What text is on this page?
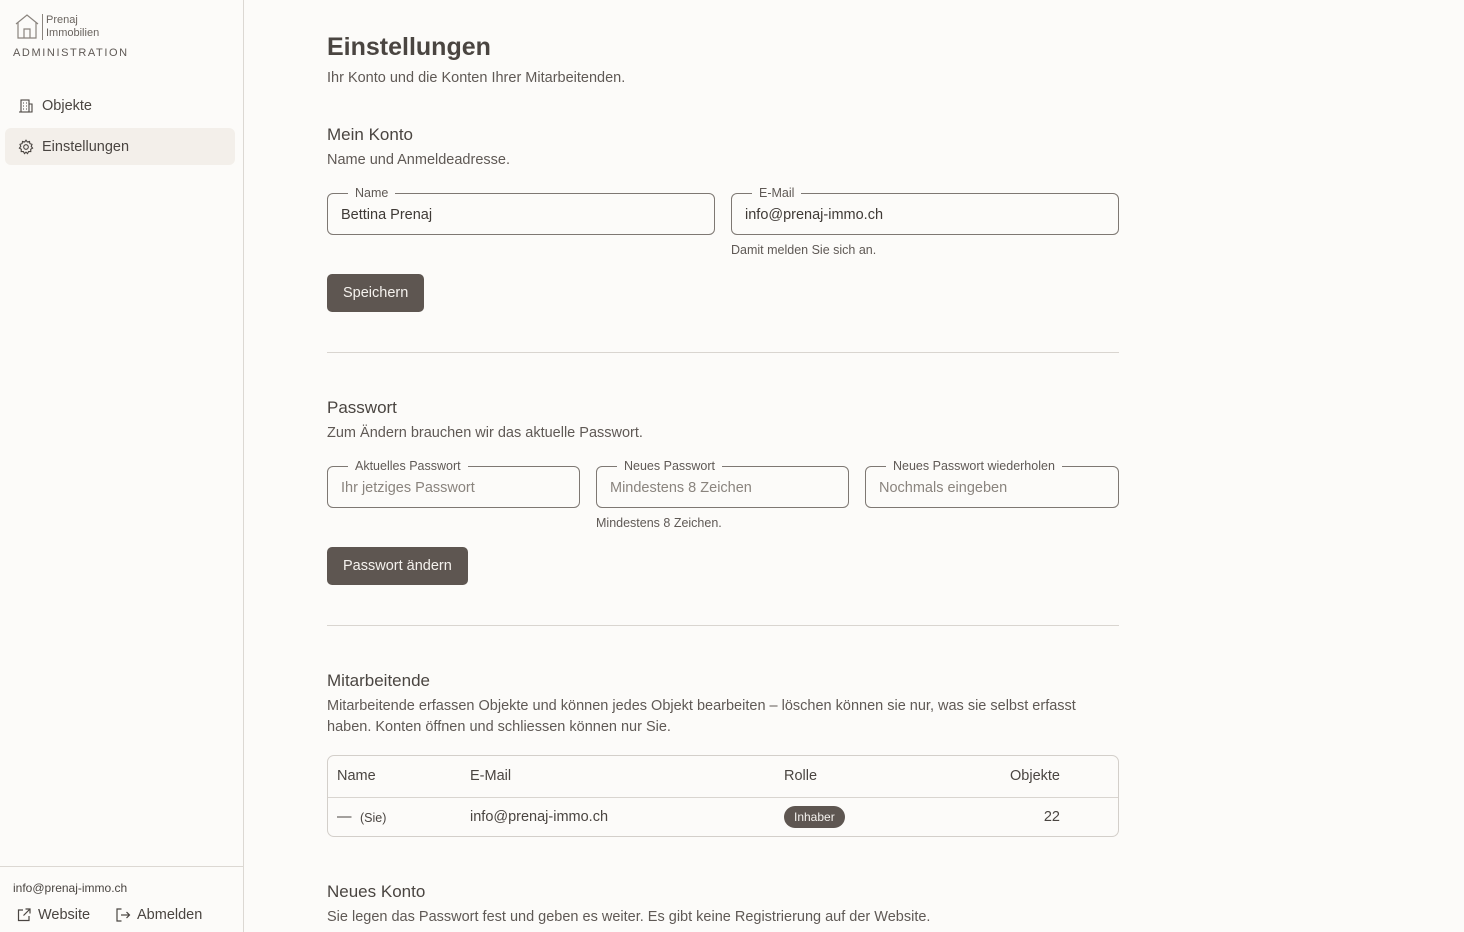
Prenaj
Immobilien
ADMINISTRATION
Objekte
Einstellungen
info@prenaj-immo.ch
Website	Abmelden
Einstellungen
Ihr Konto und die Konten Ihrer Mitarbeitenden.
Mein Konto
Name und Anmeldeadresse.
Name
Bettina Prenaj	E-Mail
info@prenaj-immo.ch
Damit melden Sie sich an.
Speichern
Passwort
Zum Ändern brauchen wir das aktuelle Passwort.
Aktuelles Passwort	Neues Passwort	Neues Passwort wiederholen
Mindestens 8 Zeichen.
Passwort ändern
Mitarbeitende
Mitarbeitende erfassen Objekte und können jedes Objekt bearbeiten – löschen können sie nur, was sie selbst erfasst
haben. Konten öffnen und schliessen können nur Sie.
Name	E-Mail	Rolle	Objekte
— (Sie)	info@prenaj-immo.ch	Inhaber	22
Neues Konto
Sie legen das Passwort fest und geben es weiter. Es gibt keine Registrierung auf der Website.
